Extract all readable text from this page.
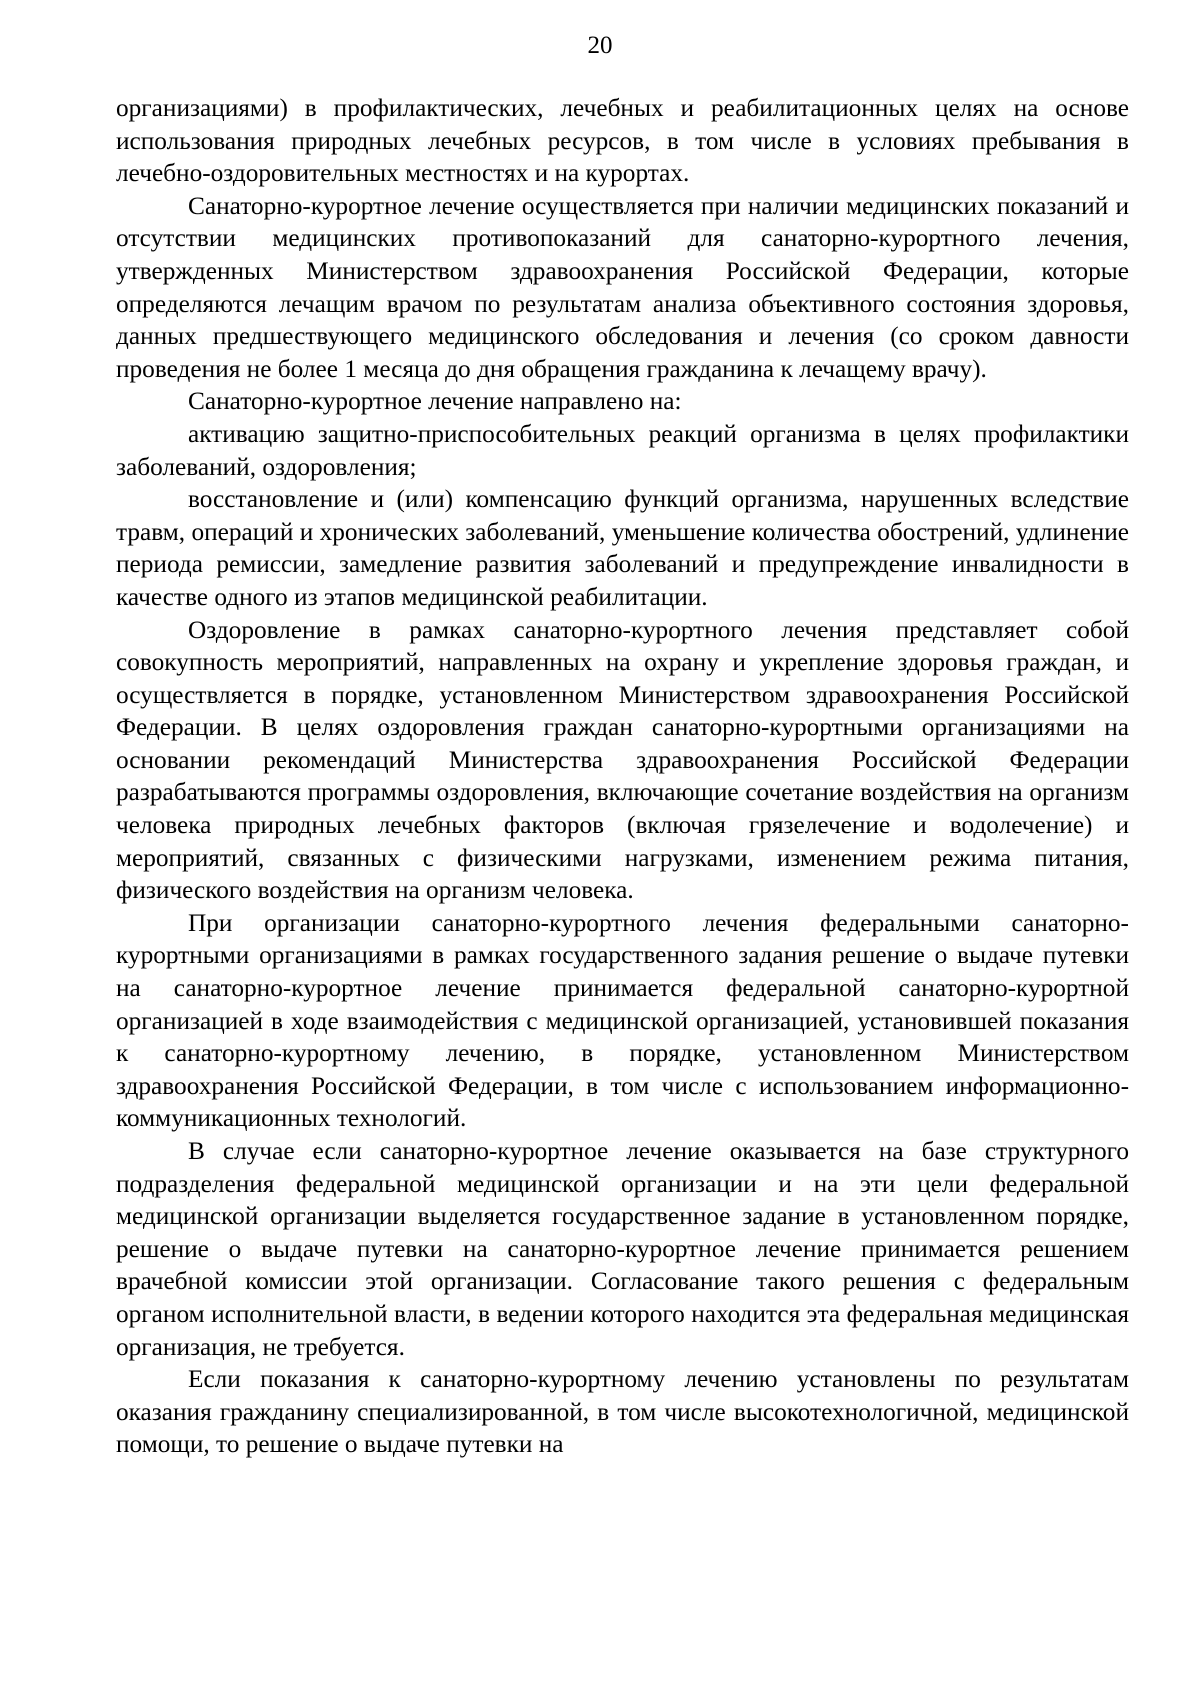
20

организациями) в профилактических, лечебных и реабилитационных целях на основе использования природных лечебных ресурсов, в том числе в условиях пребывания в лечебно-оздоровительных местностях и на курортах.

Санаторно-курортное лечение осуществляется при наличии медицинских показаний и отсутствии медицинских противопоказаний для санаторно-курортного лечения, утвержденных Министерством здравоохранения Российской Федерации, которые определяются лечащим врачом по результатам анализа объективного состояния здоровья, данных предшествующего медицинского обследования и лечения (со сроком давности проведения не более 1 месяца до дня обращения гражданина к лечащему врачу).

Санаторно-курортное лечение направлено на:

активацию защитно-приспособительных реакций организма в целях профилактики заболеваний, оздоровления;

восстановление и (или) компенсацию функций организма, нарушенных вследствие травм, операций и хронических заболеваний, уменьшение количества обострений, удлинение периода ремиссии, замедление развития заболеваний и предупреждение инвалидности в качестве одного из этапов медицинской реабилитации.

Оздоровление в рамках санаторно-курортного лечения представляет собой совокупность мероприятий, направленных на охрану и укрепление здоровья граждан, и осуществляется в порядке, установленном Министерством здравоохранения Российской Федерации. В целях оздоровления граждан санаторно-курортными организациями на основании рекомендаций Министерства здравоохранения Российской Федерации разрабатываются программы оздоровления, включающие сочетание воздействия на организм человека природных лечебных факторов (включая грязелечение и водолечение) и мероприятий, связанных с физическими нагрузками, изменением режима питания, физического воздействия на организм человека.

При организации санаторно-курортного лечения федеральными санаторно-курортными организациями в рамках государственного задания решение о выдаче путевки на санаторно-курортное лечение принимается федеральной санаторно-курортной организацией в ходе взаимодействия с медицинской организацией, установившей показания к санаторно-курортному лечению, в порядке, установленном Министерством здравоохранения Российской Федерации, в том числе с использованием информационно-коммуникационных технологий.

В случае если санаторно-курортное лечение оказывается на базе структурного подразделения федеральной медицинской организации и на эти цели федеральной медицинской организации выделяется государственное задание в установленном порядке, решение о выдаче путевки на санаторно-курортное лечение принимается решением врачебной комиссии этой организации. Согласование такого решения с федеральным органом исполнительной власти, в ведении которого находится эта федеральная медицинская организация, не требуется.

Если показания к санаторно-курортному лечению установлены по результатам оказания гражданину специализированной, в том числе высокотехнологичной, медицинской помощи, то решение о выдаче путевки на
